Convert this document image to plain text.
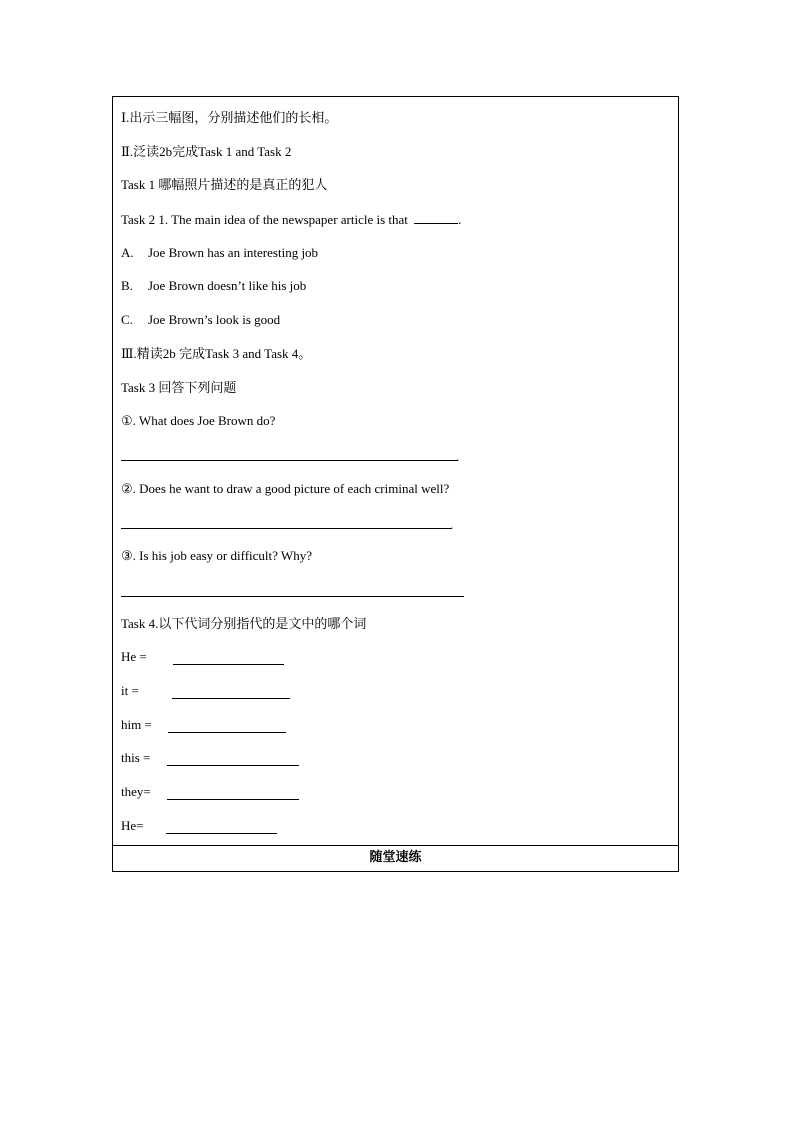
Ⅰ.出示三幅图，分别描述他们的长相。
Ⅱ.泛读2b完成Task 1 and Task 2
Task 1 哪幅照片描述的是真正的犯人
Task 2 1. The main idea of the newspaper article is that	.
A. Joe Brown has an interesting job
B. Joe Brown doesn’t like his job
C. Joe Brown’s look is good
Ⅲ.精读2b 完成Task 3 and Task 4。
Task 3 回答下列问题
①. What does Joe Brown do?
.
②. Does he want to draw a good picture of each criminal well?
.
③. Is his job easy or difficult? Why?
Task 4.以下代词分别指代的是文中的哪个词
He =
it =
him =
this =
they=
He=
随堂速练
